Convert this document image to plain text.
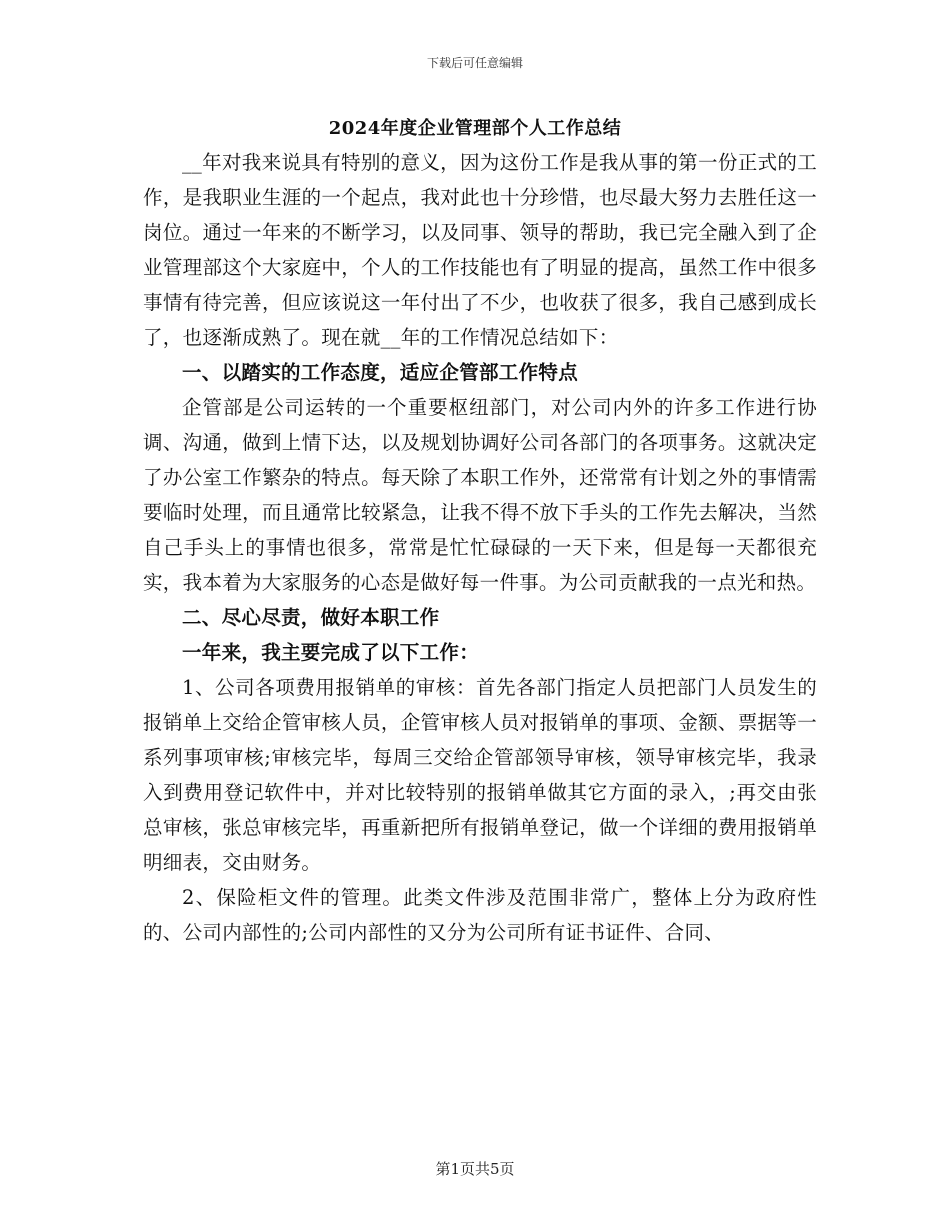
下载后可任意编辑
2024年度企业管理部个人工作总结

__年对我来说具有特别的意义，因为这份工作是我从事的第一份正式的工作，是我职业生涯的一个起点，我对此也十分珍惜，也尽最大努力去胜任这一岗位。通过一年来的不断学习，以及同事、领导的帮助，我已完全融入到了企业管理部这个大家庭中，个人的工作技能也有了明显的提高，虽然工作中很多事情有待完善，但应该说这一年付出了不少，也收获了很多，我自己感到成长了，也逐渐成熟了。现在就__年的工作情况总结如下：

一、以踏实的工作态度，适应企管部工作特点

企管部是公司运转的一个重要枢纽部门，对公司内外的许多工作进行协调、沟通，做到上情下达，以及规划协调好公司各部门的各项事务。这就决定了办公室工作繁杂的特点。每天除了本职工作外，还常常有计划之外的事情需要临时处理，而且通常比较紧急，让我不得不放下手头的工作先去解决，当然自己手头上的事情也很多，常常是忙忙碌碌的一天下来，但是每一天都很充实，我本着为大家服务的心态是做好每一件事。为公司贡献我的一点光和热。

二、尽心尽责，做好本职工作

一年来，我主要完成了以下工作：

1、公司各项费用报销单的审核：首先各部门指定人员把部门人员发生的报销单上交给企管审核人员，企管审核人员对报销单的事项、金额、票据等一系列事项审核;审核完毕，每周三交给企管部领导审核，领导审核完毕，我录入到费用登记软件中，并对比较特别的报销单做其它方面的录入，;再交由张总审核，张总审核完毕，再重新把所有报销单登记，做一个详细的费用报销单明细表，交由财务。

2、保险柜文件的管理。此类文件涉及范围非常广，整体上分为政府性的、公司内部性的;公司内部性的又分为公司所有证书证件、合同、

第1页共5页
